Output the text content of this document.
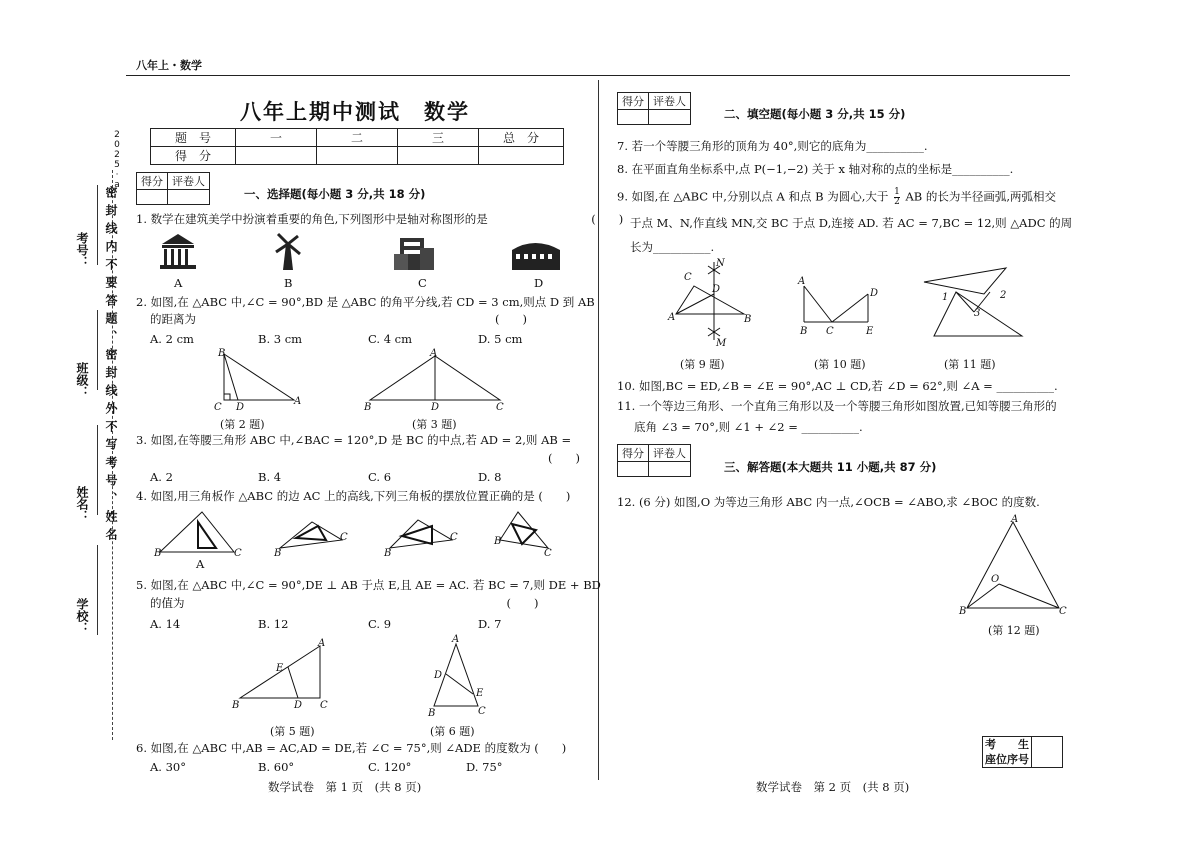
八年上・数学
2
0
2
5
·
a
考号：
班级：
姓名：
学校：
密封线内不要答题、密封线外不写考号、姓名
八年上期中测试　数学
题　号	一	二	三	总　分
得　分				
得分	评卷人

一、选择题(每小题 3 分,共 18 分)
1. 数学在建筑美学中扮演着重要的角色,下列图形中是轴对称图形的是　　　　　　　　　(　　)
A	B	C	D
2. 如图,在 △ABC 中,∠C = 90°,BD 是 △ABC 的角平分线,若 CD = 3 cm,则点 D 到 AB
的距离为　　　　　　　　　　　　　　　　　　　　　　　　　　(　　)
A. 2 cm	B. 3 cm	C. 4 cm	D. 5 cm
B
C D
A
A
B	D	C
(第 2 题)	(第 3 题)
3. 如图,在等腰三角形 ABC 中,∠BAC = 120°,D 是 BC 的中点,若 AD = 2,则 AB =
(　　)
A. 2	B. 4	C. 6	D. 8
4. 如图,用三角板作 △ABC 的边 AC 上的高线,下列三角板的摆放位置正确的是 (　　)
B	C	B
C
B
C	B
C
A
5. 如图,在 △ABC 中,∠C = 90°,DE ⊥ AB 于点 E,且 AE = AC. 若 BC = 7,则 DE + BD
的值为　　　　　　　　　　　　　　　　　　　　　　　　　　　　(　　)
A. 14	B. 12	C. 9	D. 7
B
A
E
D C
A
D
E
B	C
(第 5 题)	(第 6 题)
6. 如图,在 △ABC 中,AB = AC,AD = DE,若 ∠C = 75°,则 ∠ADE 的度数为 (　　)
A. 30°	B. 60°	C. 120°	D. 75°
数学试卷　第 1 页　(共 8 页)
得分	评卷人

二、填空题(每小题 3 分,共 15 分)
7. 若一个等腰三角形的顶角为 40°,则它的底角为__________.
8. 在平面直角坐标系中,点 P(−1,−2) 关于 x 轴对称的点的坐标是__________.
9. 如图,在 △ABC 中,分别以点 A 和点 B 为圆心,大于 $\frac{1}{2}$ AB 的长为半径画弧,两弧相交
于点 M、N,作直线 MN,交 BC 于点 D,连接 AD. 若 AC = 7,BC = 12,则 △ADC 的周
长为__________.
N
C
D
A	B
M
A
D
B C	E
1	2
3
(第 9 题)	(第 10 题)	(第 11 题)
10. 如图,BC = ED,∠B = ∠E = 90°,AC ⊥ CD,若 ∠D = 62°,则 ∠A = __________.
11. 一个等边三角形、一个直角三角形以及一个等腰三角形如图放置,已知等腰三角形的
底角 ∠3 = 70°,则 ∠1 + ∠2 = __________.
得分	评卷人

三、解答题(本大题共 11 小题,共 87 分)
12. (6 分) 如图,O 为等边三角形 ABC 内一点,∠OCB = ∠ABO,求 ∠BOC 的度数.
A
O
B	C
(第 12 题)
考　　生
座位序号

数学试卷　第 2 页　(共 8 页)
